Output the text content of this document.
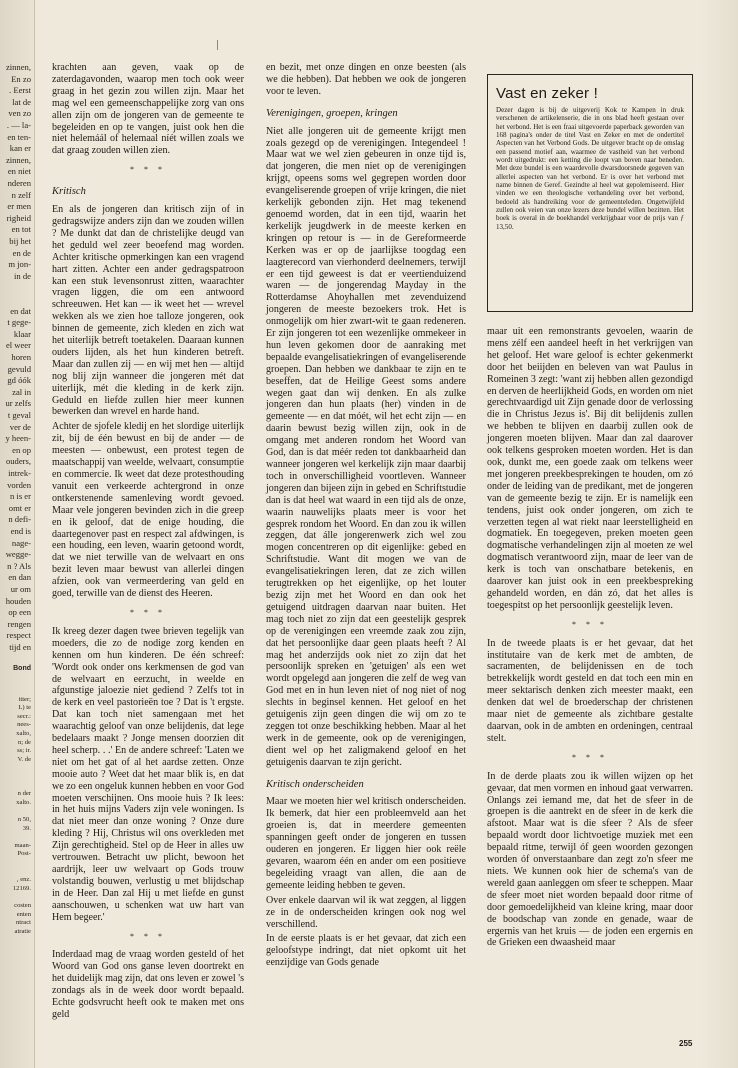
zinnen,
En zo
. Eerst
lat de
ven zo
. — la-
en ten-
kan er
zinnen,
en niet
nderen
n zelf
er men
righeid
en tot
bij het
en de
m jon-
in de
en dat
t gege-
klaar
el weer
horen
gevuld
gd óók
zal in
ur zelfs
t geval
ver de
y heen-
en op
ouders,
intrek-
vorden
n is er
omt er
n defi-
end is
nage-
wegge-
n ? Als
en dan
ur om
houden
op een
rengen
respect
tijd en
Bond
itter;
L) te
secr.:
nees-
xalto,
n; de
ss; ir.
V. de
n der
xalto.
n 50,
39.
maan-
Post-
, enz.
12169.
costen
enten
ntract
atratie

krachten aan geven, vaak op de zaterdagavonden, waarop men toch ook weer graag in het gezin zou willen zijn. Maar het mag wel een gemeenschappelijke zorg van ons allen zijn om de jongeren van de gemeente te begeleiden en op te vangen, juist ook hen die niet helemáál of helemaal níét willen zoals we dat graag zouden willen zien.

* * *
Kritisch

En als de jongeren dan kritisch zijn of in gedragswijze anders zijn dan we zouden willen ? Me dunkt dat dan de christelijke deugd van het geduld wel zeer beoefend mag worden. Achter kritische opmerkingen kan een vragend hart zitten. Achter een ander gedragspatroon kan een stuk levensonrust zitten, waarachter vragen liggen, die om een antwoord schreeuwen. Het kan — ik weet het — wrevel wekken als we zien hoe talloze jongeren, ook binnen de gemeente, zich kleden en zich wat het uiterlijk betreft toetakelen. Daaraan kunnen ouders lijden, als het hun kinderen betreft. Maar dan zullen zij — en wij met hen — altijd nog blij zijn wanneer die jongeren mét dat uiterlijk, mét die kleding in de kerk zijn. Geduld en liefde zullen hier meer kunnen bewerken dan wrevel en harde hand.

Achter de sjofele kledij en het slordige uiterlijk zit, bij de één bewust en bij de ander — de meesten — onbewust, een protest tegen de maatschappij van weelde, welvaart, consumptie en commercie. Ik weet dat deze protesthouding vanuit een verkeerde achtergrond in onze ontkerstenende samenleving wordt gevoed. Maar vele jongeren bevinden zich in die greep en ik geloof, dat de enige houding, die daartegenover past en respect zal afdwingen, is een houding, een leven, waarin getoond wordt, dat we niet terwille van de welvaart en ons bezit leven maar bewust van allerlei dingen afzien, ook van vermeerdering van geld en goed, terwille van de dienst des Heeren.

* * *

Ik kreeg dezer dagen twee brieven tegelijk van moeders, die zo de nodige zorg kenden en kennen om hun kinderen. De één schreef: 'Wordt ook onder ons kerkmensen de god van de welvaart en eerzucht, in weelde en afgunstige jaloezie niet gediend ? Zelfs tot in de kerk en veel pastorieën toe ? Dat is 't ergste. Dat kan toch niet samengaan met het waarachtig geloof van onze belijdenis, dat lege bedelaars maakt ? Jonge mensen doorzien dit heel scherp. . .' En de andere schreef: 'Laten we niet om het gat of al het aardse zetten. Onze mooie auto ? Weet dat het maar blik is, en dat we zo een ongeluk kunnen hebben en voor God moeten verschijnen. Ons mooie huis ? Ik lees: in het huis mijns Vaders zijn vele woningen. Is dat niet meer dan onze woning ? Onze dure kleding ? Hij, Christus wil ons overkleden met Zijn gerechtigheid. Stel op de Heer in alles uw vertrouwen. Betracht uw plicht, bewoon het aardrijk, leer uw welvaart op Gods trouw volstandig bouwen, verlustig u met blijdschap in de Heer. Dan zal Hij u met liefde en gunst aanschouwen, u schenken wat uw hart van Hem begeer.'

* * *

Inderdaad mag de vraag worden gesteld of het Woord van God ons ganse leven doortrekt en het duidelijk mag zijn, dat ons leven er zowel 's zondags als in de week door wordt bepaald. Echte godsvrucht heeft ook te maken met ons geld

en bezit, met onze dingen en onze beesten (als we die hebben). Dat hebben we ook de jongeren voor te leven.

Verenigingen, groepen, kringen

Niet alle jongeren uit de gemeente krijgt men zoals gezegd op de verenigingen. Integendeel ! Maar wat we wel zien gebeuren in onze tijd is, dat jongeren, die men niet op de verenigingen krijgt, opeens soms wel gegrepen worden door evangeliserende groepen of vrije kringen, die niet kerkelijk gebonden zijn. Het mag tekenend genoemd worden, dat in een tijd, waarin het kerkelijk jeugdwerk in de meeste kerken en kringen op retour is — in de Gereformeerde Kerken was er op de jaarlijkse toogdag een laagterecord van vierhonderd deelnemers, terwijl er een tijd geweest is dat er veertienduizend waren — de jongerendag Mayday in the Rotterdamse Ahoyhallen met zevenduizend jongeren de meeste bezoekers trok. Het is onmogelijk om hier zwart-wit te gaan redeneren. Er zijn jongeren tot een wezenlijke ommekeer in hun leven gekomen door de aanraking met bepaalde evangelisatiekringen of evangeliserende groepen. Dan hebben we dankbaar te zijn en te beseffen, dat de Heilige Geest soms andere wegen gaat dan wij denken. En als zulke jongeren dan hun plaats (her) vinden in de gemeente — en dat móét, wil het echt zijn — en daarin bewust bezig willen zijn, ook in de omgang met anderen rondom het Woord van God, dan is dat méér reden tot dankbaarheid dan wanneer jongeren wel kerkelijk zijn maar daarbij toch in onverschilligheid voortleven. Wanneer jongeren dan bijeen zijn in gebed en Schriftstudie dan is dat heel wat waard in een tijd als de onze, waarin nauwelijks plaats meer is voor het gesprek rondom het Woord. En dan zou ik willen zeggen, dat álle jongerenwerk zich wel zou mogen concentreren op dit eigenlijke: gebed en Schriftstudie. Want dit mogen we van de evangelisatiekringen leren, dat ze zich willen terugtrekken op het eigenlijke, op het louter bezig zijn met het Woord en dan ook het getuigend uitdragen daarvan naar buiten. Het mag toch niet zo zijn dat een geestelijk gesprek op de verenigingen een vreemde zaak zou zijn, dat het persoonlijke daar geen plaats heeft ? Al mag het anderzijds ook niet zo zijn dat het persoonlijk spreken en 'getuigen' als een wet wordt opgelegd aan jongeren die zelf de weg van God met en in hun leven niet of nog niet of nog slechts in beginsel kennen. Het geloof en het getuigenis zijn geen dingen die wij om zo te zeggen tot onze beschikking hebben. Maar al het werk in de gemeente, ook op de verenigingen, dient wel op het zaligmakend geloof en het getuigenis daarvan te zijn gericht.

Kritisch onderscheiden

Maar we moeten hier wel kritisch onderscheiden. Ik bemerk, dat hier een probleemveld aan het groeien is, dat in meerdere gemeenten spanningen geeft onder de jongeren en tussen ouderen en jongeren. Er liggen hier ook reële gevaren, waarom één en ander om een positieve begeleiding vraagt van allen, die aan de gemeente leiding hebben te geven.

Over enkele daarvan wil ik wat zeggen, al liggen ze in de onderscheiden kringen ook nog wel verschillend.

In de eerste plaats is er het gevaar, dat zich een geloofstype indringt, dat niet opkomt uit het eenzijdige van Gods genade

Vast en zeker !
Dezer dagen is bij de uitgeverij Kok te Kampen in druk verschenen de artikelenserie, die in ons blad heeft gestaan over het verbond. Het is een fraai uitgevoerde paperback geworden van 168 pagina's onder de titel Vast en Zeker en met de ondertitel Aspecten van het Verbond Gods. De uitgever bracht op de omslag een passend motief aan, waarmee de vastheid van het verbond wordt uitgedrukt: een ketting die loopt van boven naar beneden. Met deze bundel is een waardevolle dwarsdoorsnede gegeven van allerlei aspecten van het verbond. Er is over het verbond met name binnen de Geref. Gezindte al heel wat gepolemiseerd. Hier vinden we een theologische verhandeling over het verbond, bedoeld als handreiking voor de gemeenteleden. Ongetwijfeld zullen ook veien van onze lezers deze bundel willen bezitten. Het boek is overal in de boekhandel verkrijgbaar voor de prijs van ƒ 13,50.

maar uit een remonstrants gevoelen, waarin de mens zélf een aandeel heeft in het verkrijgen van het geloof. Het ware geloof is echter gekenmerkt door het beiijden en beleven van wat Paulus in Romeinen 3 zegt: 'want zij hebben allen gezondigd en derven de heerlijkheid Gods, en worden om niet gerechtvaardigd uit Zijn genade door de verlossing die in Christus Jezus is'. Bij dit belijdenis zullen we hebben te blijven en daarbij zullen ook de jongeren moeten blijven. Maar dan zal daarover ook telkens gesproken moeten worden. Het is dan ook, dunkt me, een goede zaak om telkens weer met jongeren preekbesprekingen te houden, om zó onder de leiding van de predikant, met de jongeren van de gemeente bezig te zijn. Er is namelijk een tendens, juist ook onder jongeren, om zich te verzetten tegen al wat riekt naar leerstelligheid en dogmatiek. En toegegeven, preken moeten geen dogmatische verhandelingen zijn al moeten ze wel dogmatisch verantwoord zijn, maar de leer van de kerk is toch van onschatbare betekenis, en daarover kan juist ook in een preekbespreking gehandeld worden, en dán zó, dat het alles is toegespitst op het persoonlijk geestelijk leven.

* * *

In de tweede plaats is er het gevaar, dat het institutaire van de kerk met de ambten, de sacramenten, de belijdenissen en de toch betrekkelijk wordt gesteld en dat toch een min en meer sektarisch denken zich meester maakt, een denken dat wel de broederschap der christenen maar niet de gemeente als zichtbare gestalte daarvan, ook in de ambten en ordeningen, centraal stelt.

* * *

In de derde plaats zou ik willen wijzen op het gevaar, dat men vormen en inhoud gaat verwarren. Onlangs zei iemand me, dat het de sfeer in de groepen is die aantrekt en de sfeer in de kerk die afstoot. Maar wat is die sfeer ? Als de sfeer bepaald wordt door lichtvoetige muziek met een bepaald ritme, terwijl óf geen woorden gezongen worden óf onverstaanbare dan zegt zo'n sfeer me niets. We kunnen ook hier de schema's van de wereld gaan aanleggen om sfeer te scheppen. Maar de sfeer moet niet worden bepaald door ritme of door gemoedelijkheid van kleine kring, maar door de boodschap van zonde en genade, waar de ergernis van het kruis — de joden een ergernis en de Grieken een dwaasheid maar

255
